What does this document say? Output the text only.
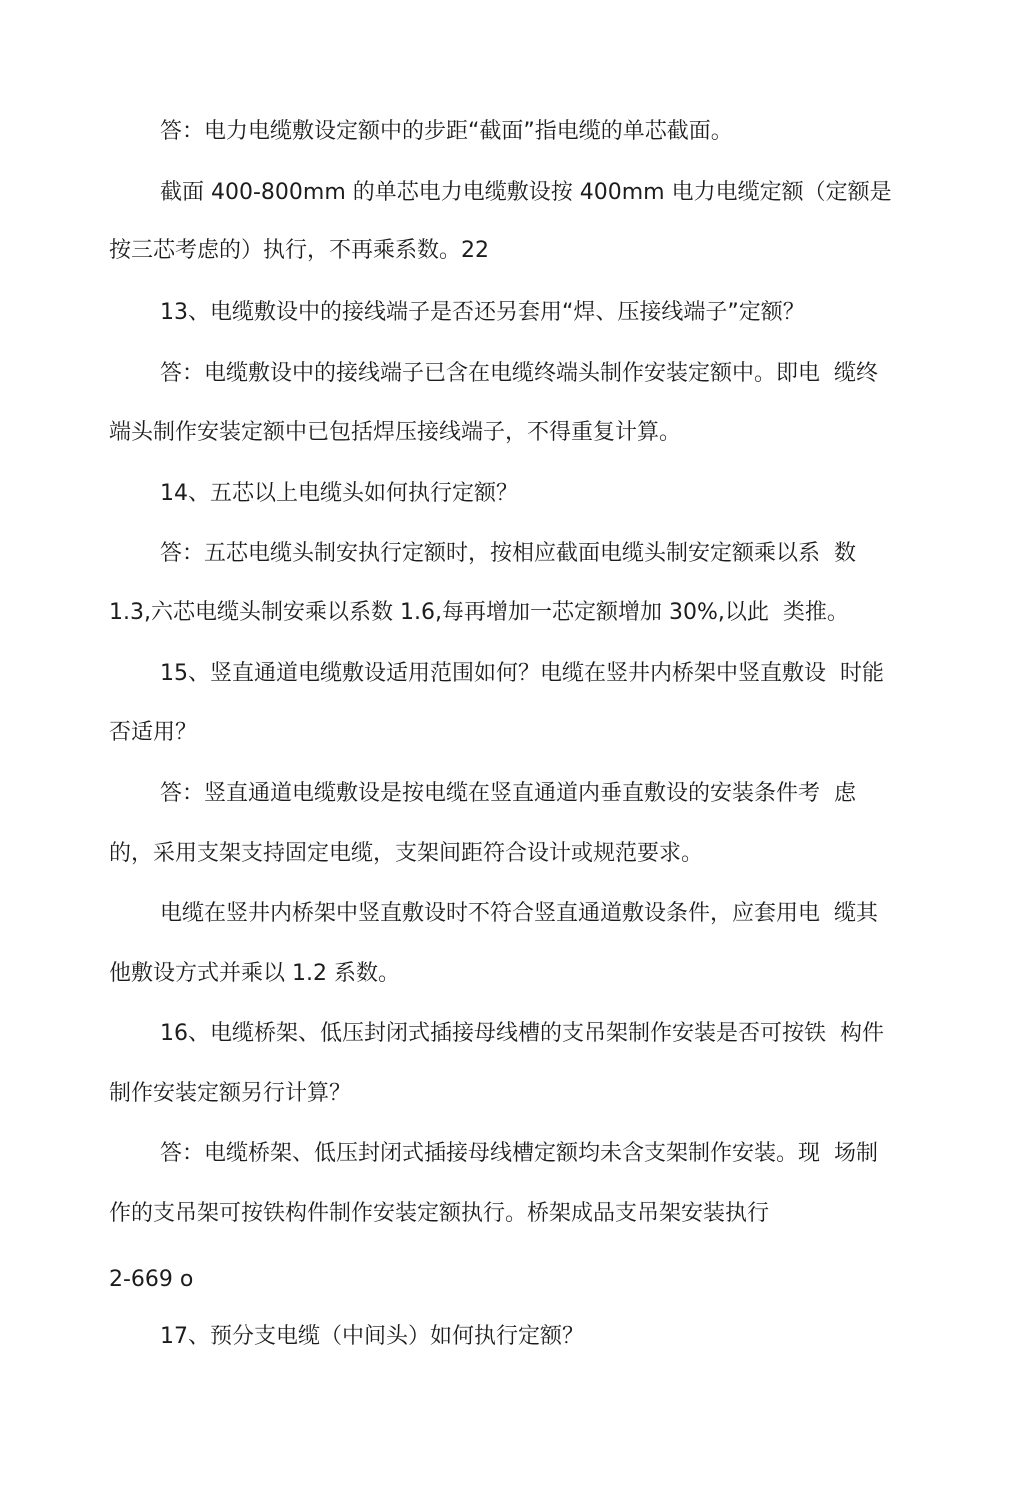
答：电力电缆敷设定额中的步距“截面”指电缆的单芯截面。
截面 400-800mm 的单芯电力电缆敷设按 400mm 电力电缆定额（定额是
按三芯考虑的）执行，不再乘系数。22
13、电缆敷设中的接线端子是否还另套用“焊、压接线端子”定额？
答：电缆敷设中的接线端子已含在电缆终端头制作安装定额中。即电  缆终
端头制作安装定额中已包括焊压接线端子，不得重复计算。
14、五芯以上电缆头如何执行定额？
答：五芯电缆头制安执行定额时，按相应截面电缆头制安定额乘以系  数
1.3,六芯电缆头制安乘以系数 1.6,每再增加一芯定额增加 30%,以此  类推。
15、竖直通道电缆敷设适用范围如何？电缆在竖井内桥架中竖直敷设  时能
否适用？
答：竖直通道电缆敷设是按电缆在竖直通道内垂直敷设的安装条件考  虑
的，采用支架支持固定电缆，支架间距符合设计或规范要求。
电缆在竖井内桥架中竖直敷设时不符合竖直通道敷设条件，应套用电  缆其
他敷设方式并乘以 1.2 系数。
16、电缆桥架、低压封闭式插接母线槽的支吊架制作安装是否可按铁  构件
制作安装定额另行计算？
答：电缆桥架、低压封闭式插接母线槽定额均未含支架制作安装。现  场制
作的支吊架可按铁构件制作安装定额执行。桥架成品支吊架安装执行
2-669 o
17、预分支电缆（中间头）如何执行定额？
